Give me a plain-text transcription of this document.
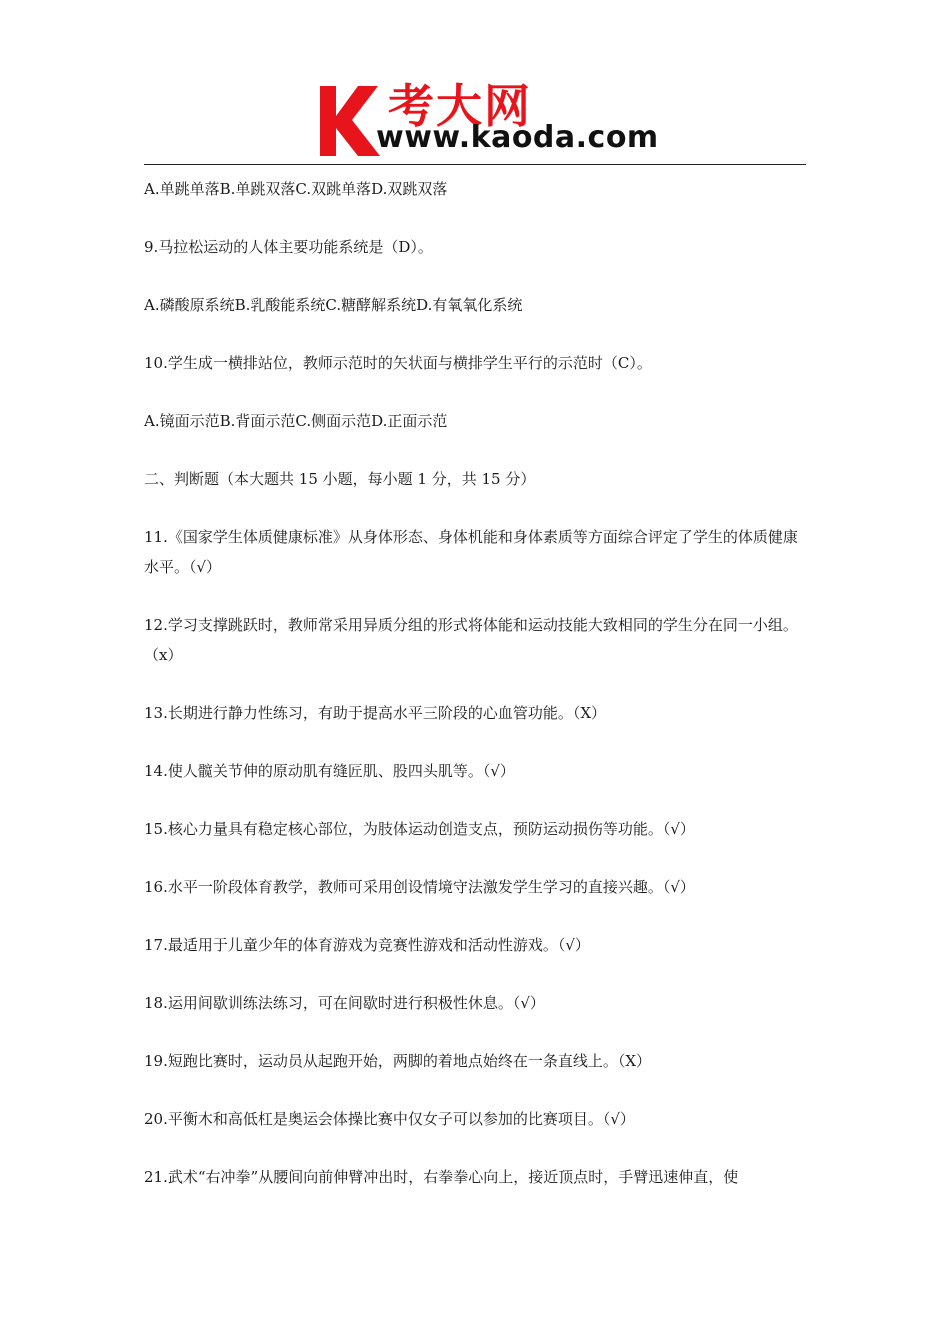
考大网
www.kaoda.com

A.单跳单落B.单跳双落C.双跳单落D.双跳双落

9.马拉松运动的人体主要功能系统是（D）。

A.磷酸原系统B.乳酸能系统C.糖酵解系统D.有氧氧化系统

10.学生成一横排站位，教师示范时的矢状面与横排学生平行的示范时（C）。

A.镜面示范B.背面示范C.侧面示范D.正面示范

二、判断题（本大题共 15 小题，每小题 1 分，共 15 分）

11.《国家学生体质健康标准》从身体形态、身体机能和身体素质等方面综合评定了学生的体质健康水平。（√）

12.学习支撑跳跃时，教师常采用异质分组的形式将体能和运动技能大致相同的学生分在同一小组。（x）

13.长期进行静力性练习，有助于提高水平三阶段的心血管功能。（X）

14.使人髋关节伸的原动肌有缝匠肌、股四头肌等。（√）

15.核心力量具有稳定核心部位，为肢体运动创造支点，预防运动损伤等功能。（√）

16.水平一阶段体育教学，教师可采用创设情境守法激发学生学习的直接兴趣。（√）

17.最适用于儿童少年的体育游戏为竞赛性游戏和活动性游戏。（√）

18.运用间歇训练法练习，可在间歇时进行积极性休息。（√）

19.短跑比赛时，运动员从起跑开始，两脚的着地点始终在一条直线上。（X）

20.平衡木和高低杠是奥运会体操比赛中仅女子可以参加的比赛项目。（√）

21.武术“右冲拳”从腰间向前伸臂冲出时，右拳拳心向上，接近顶点时，手臂迅速伸直，使
